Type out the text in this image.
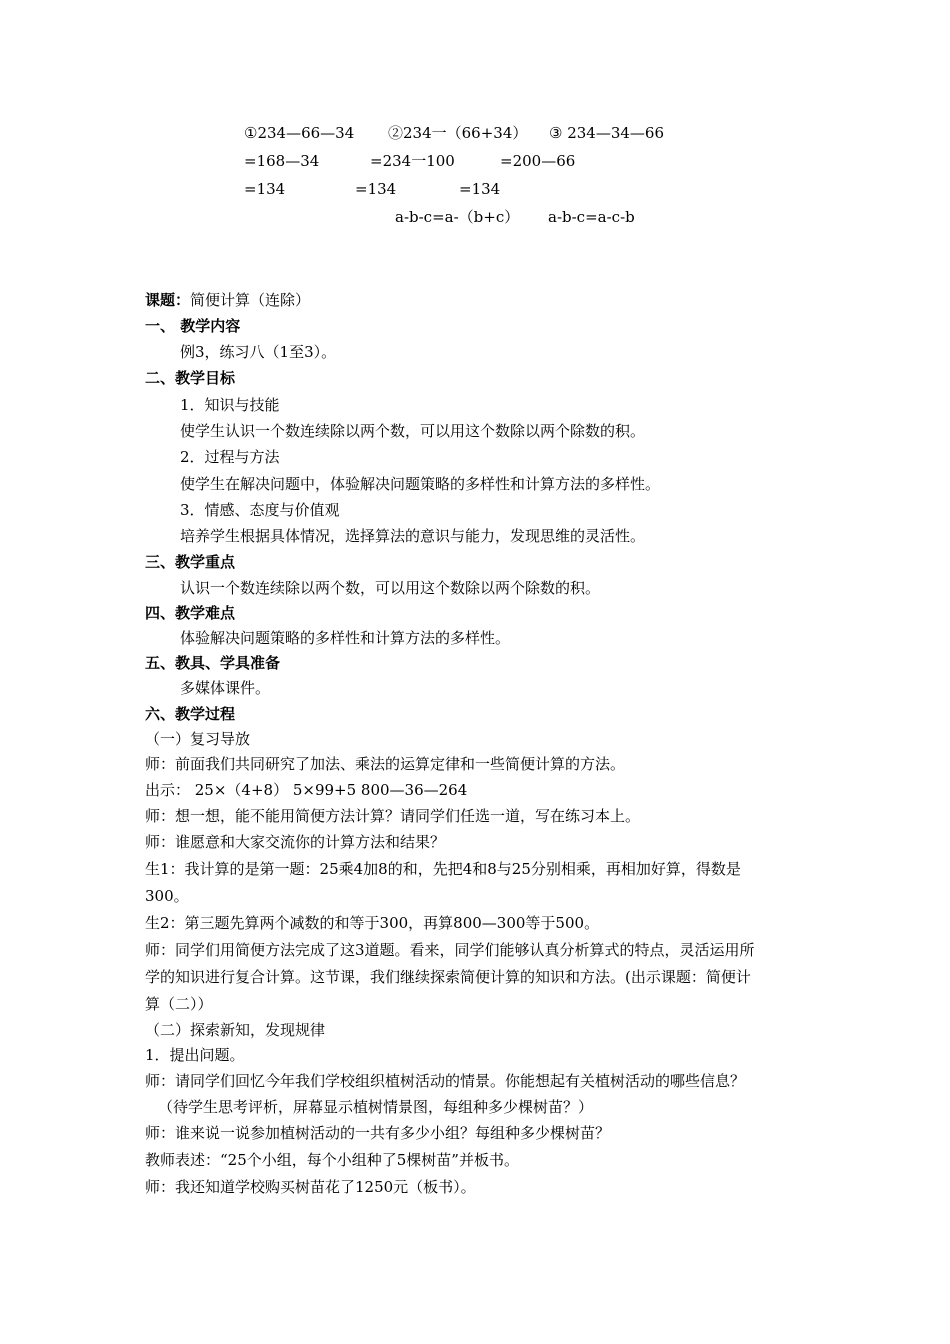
①234—66—34 ②234一（66+34） ③ 234—34—66
=168—34	=234一100	=200—66
=134	=134	=134
a-b-c=a-（b+c） a-b-c=a-c-b
课题：简便计算（连除）
一、 教学内容
例3，练习八（1至3）。
二、教学目标
1．知识与技能
使学生认识一个数连续除以两个数，可以用这个数除以两个除数的积。
2．过程与方法
使学生在解决问题中，体验解决问题策略的多样性和计算方法的多样性。
3．情感、态度与价值观
培养学生根据具体情况，选择算法的意识与能力，发现思维的灵活性。
三、教学重点
认识一个数连续除以两个数，可以用这个数除以两个除数的积。
四、教学难点
体验解决问题策略的多样性和计算方法的多样性。
五、教具、学具准备
多媒体课件。
六、教学过程
（一）复习导放
师：前面我们共同研究了加法、乘法的运算定律和一些简便计算的方法。
出示： 25×（4+8） 5×99+5 800—36—264
师：想一想，能不能用简便方法计算？请同学们任选一道，写在练习本上。
师：谁愿意和大家交流你的计算方法和结果？
生1：我计算的是第一题：25乘4加8的和，先把4和8与25分别相乘，再相加好算，得数是
300。
生2：第三题先算两个减数的和等于300，再算800—300等于500。
师：同学们用简便方法完成了这3道题。看来，同学们能够认真分析算式的特点，灵活运用所
学的知识进行复合计算。这节课，我们继续探索简便计算的知识和方法。(出示课题：简便计
算（二））
（二）探索新知，发现规律
1．提出问题。
师：请同学们回忆今年我们学校组织植树活动的情景。你能想起有关植树活动的哪些信息？
（待学生思考评析，屏幕显示植树情景图，每组种多少棵树苗？）
师：谁来说一说参加植树活动的一共有多少小组？每组种多少棵树苗？
教师表述：“25个小组，每个小组种了5棵树苗”并板书。
师：我还知道学校购买树苗花了1250元（板书）。
